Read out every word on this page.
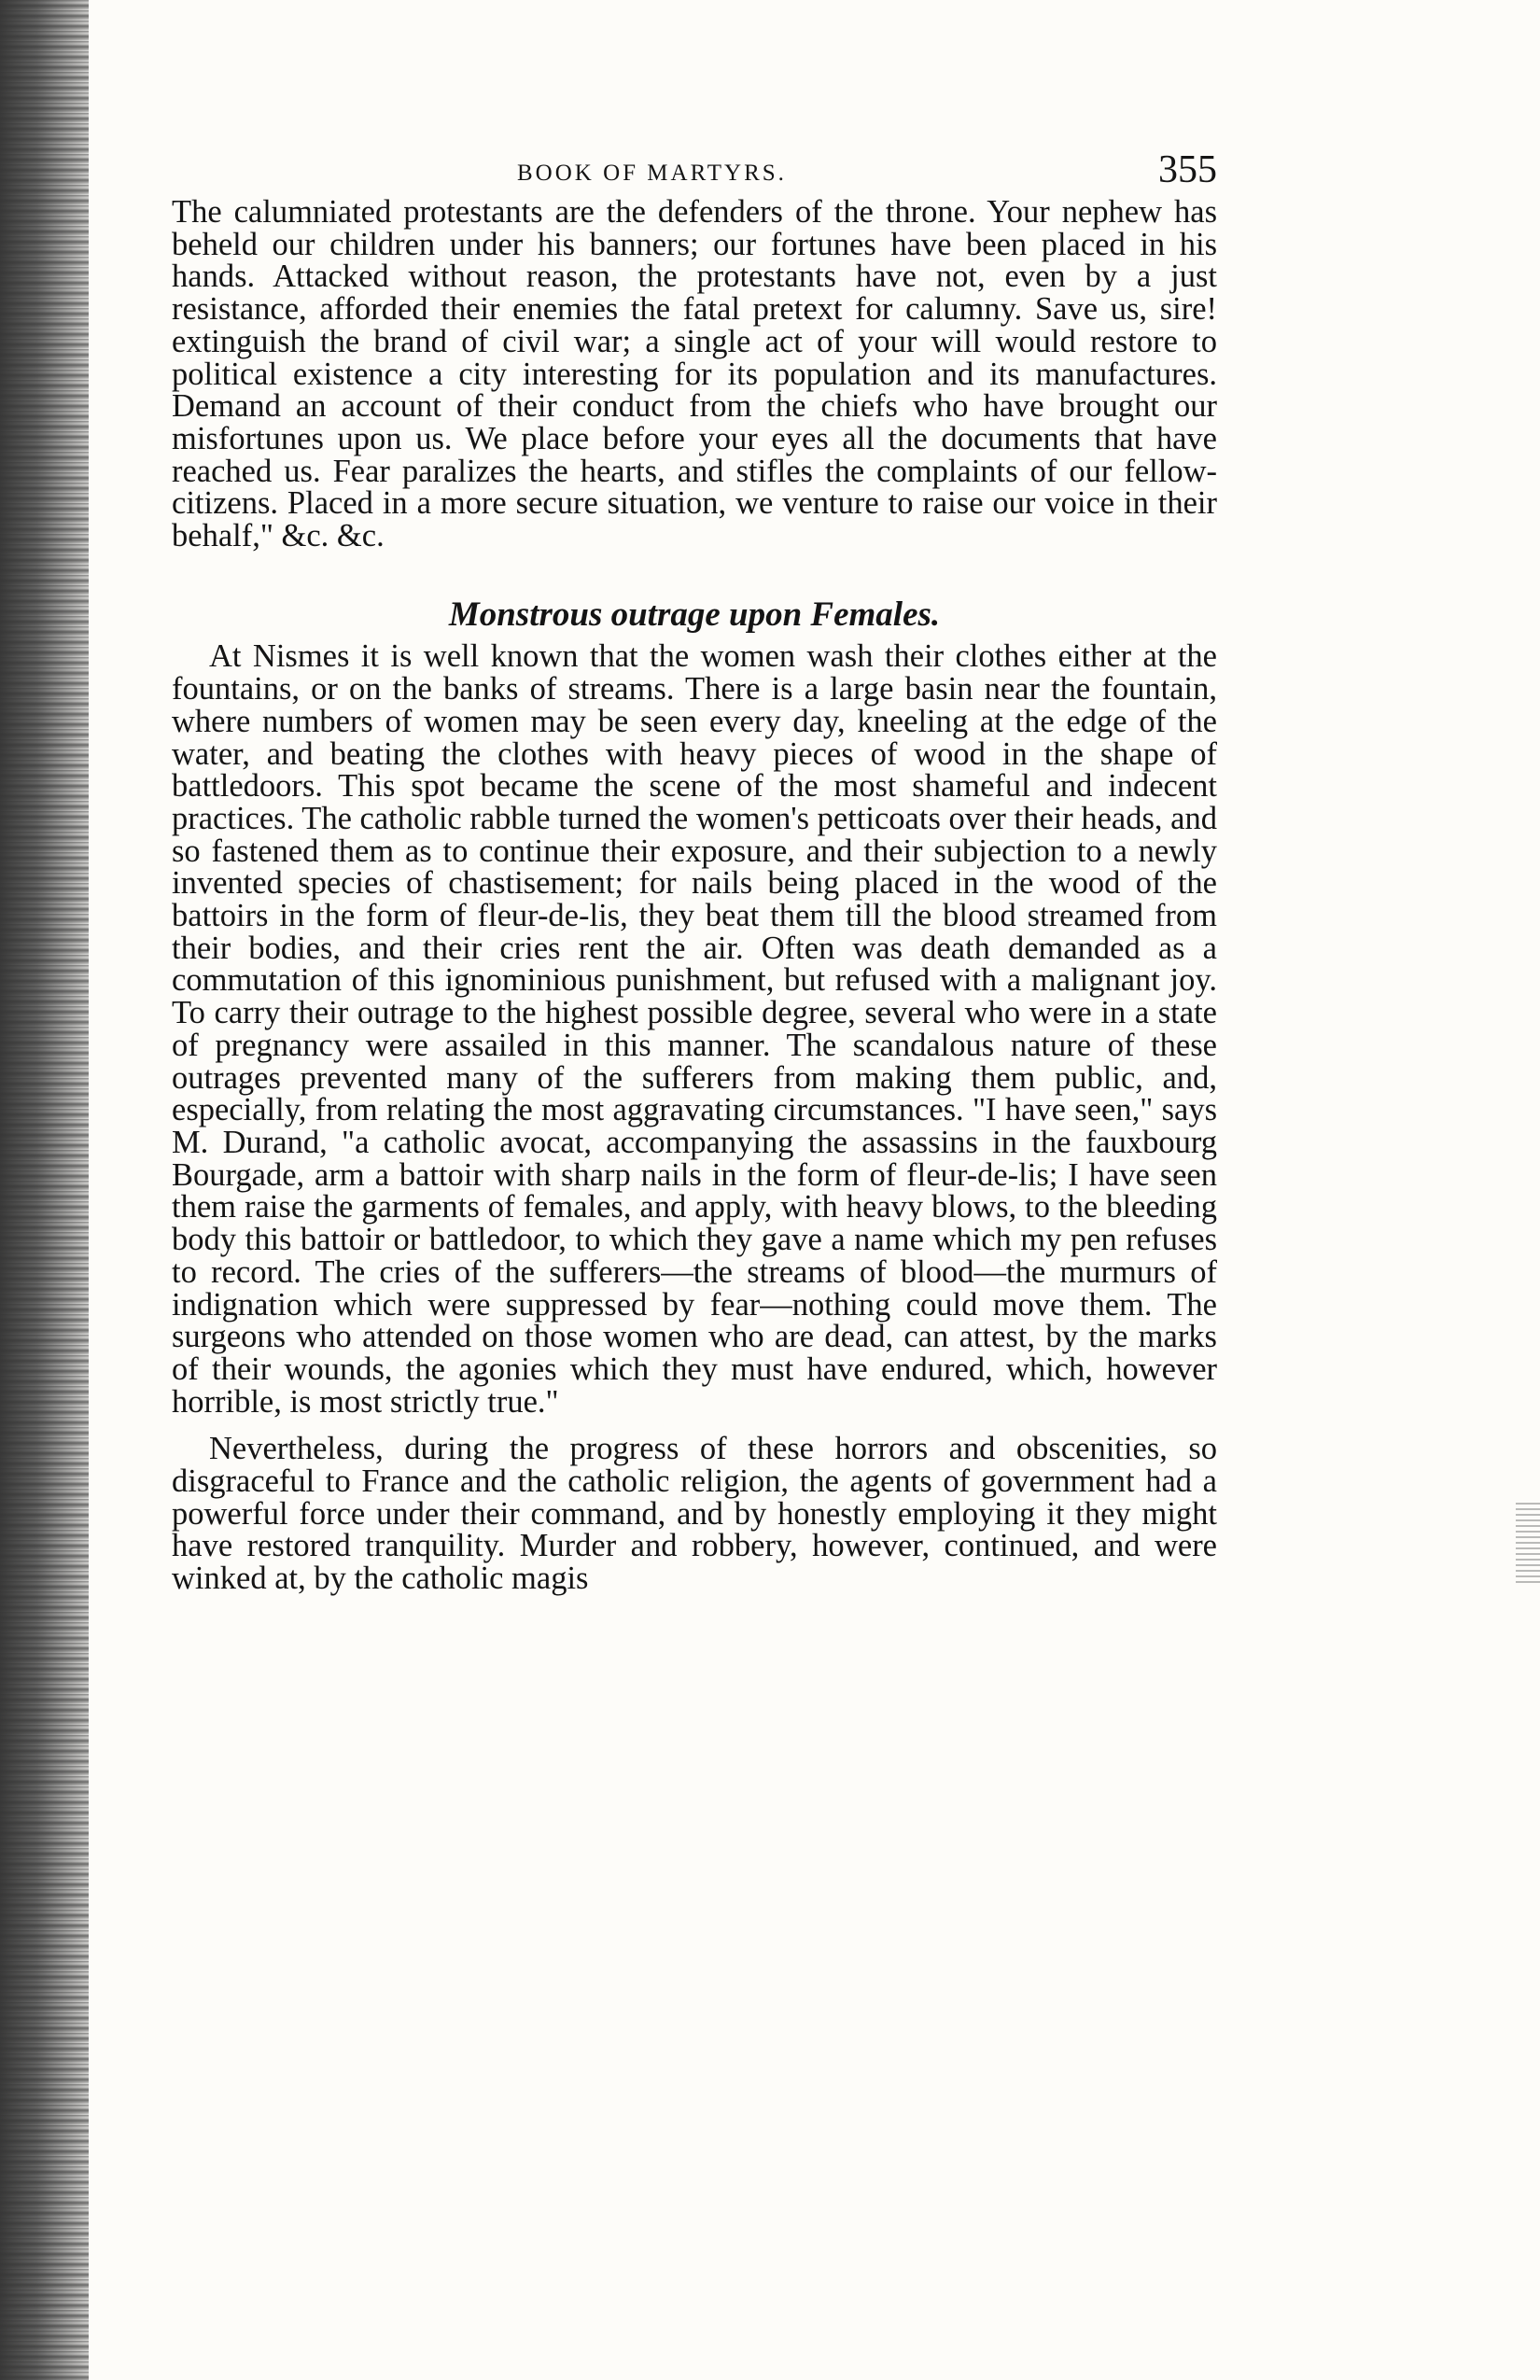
BOOK OF MARTYRS.	355

The calumniated protestants are the defenders of the throne. Your nephew has beheld our children under his banners; our fortunes have been placed in his hands. Attacked without reason, the protestants have not, even by a just resistance, afforded their enemies the fatal pretext for calumny. Save us, sire! extinguish the brand of civil war; a single act of your will would restore to political existence a city interesting for its population and its manufactures. Demand an account of their conduct from the chiefs who have brought our misfortunes upon us. We place before your eyes all the documents that have reached us. Fear paralizes the hearts, and stifles the complaints of our fellow-citizens. Placed in a more secure situation, we venture to raise our voice in their behalf," &c. &c.

Monstrous outrage upon Females.

At Nismes it is well known that the women wash their clothes either at the fountains, or on the banks of streams. There is a large basin near the fountain, where numbers of women may be seen every day, kneeling at the edge of the water, and beating the clothes with heavy pieces of wood in the shape of battledoors. This spot became the scene of the most shameful and indecent practices. The catholic rabble turned the women's petticoats over their heads, and so fastened them as to continue their exposure, and their subjection to a newly invented species of chastisement; for nails being placed in the wood of the battoirs in the form of fleur-de-lis, they beat them till the blood streamed from their bodies, and their cries rent the air. Often was death demanded as a commutation of this ignominious punishment, but refused with a malignant joy. To carry their outrage to the highest possible degree, several who were in a state of pregnancy were assailed in this manner. The scandalous nature of these outrages prevented many of the sufferers from making them public, and, especially, from relating the most aggravating circumstances. "I have seen," says M. Durand, "a catholic avocat, accompanying the assassins in the fauxbourg Bourgade, arm a battoir with sharp nails in the form of fleur-de-lis; I have seen them raise the garments of females, and apply, with heavy blows, to the bleeding body this battoir or battledoor, to which they gave a name which my pen refuses to record. The cries of the sufferers—the streams of blood—the murmurs of indignation which were suppressed by fear—nothing could move them. The surgeons who attended on those women who are dead, can attest, by the marks of their wounds, the agonies which they must have endured, which, however horrible, is most strictly true."

Nevertheless, during the progress of these horrors and obscenities, so disgraceful to France and the catholic religion, the agents of government had a powerful force under their command, and by honestly employing it they might have restored tranquility. Murder and robbery, however, continued, and were winked at, by the catholic magis
